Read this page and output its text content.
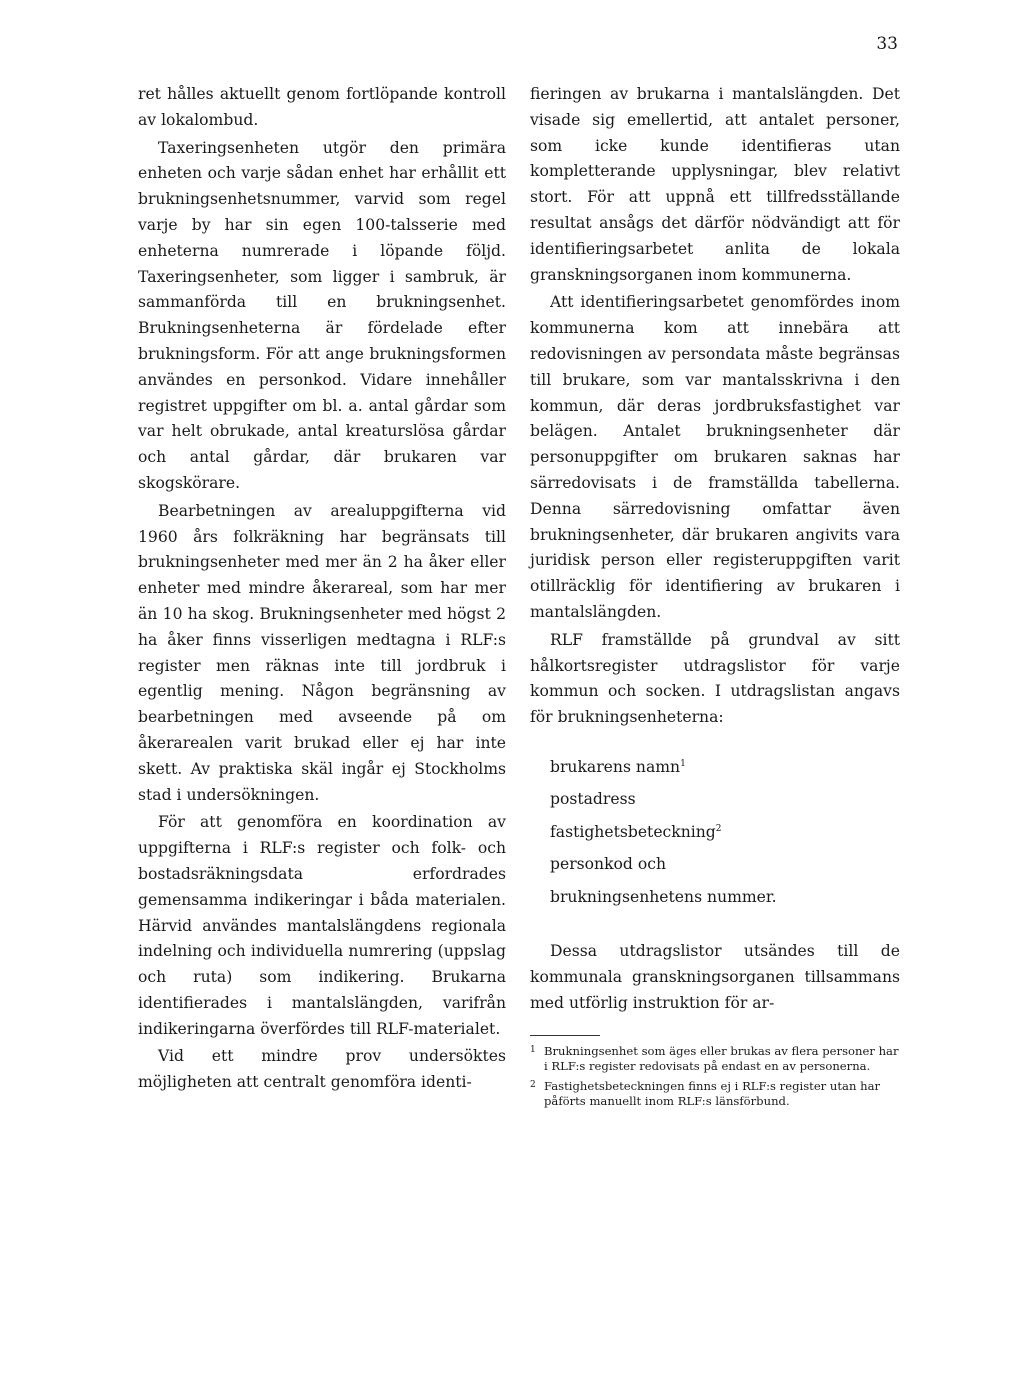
33

ret hålles aktuellt genom fortlöpande kontroll av lokalombud.

Taxeringsenheten utgör den primära enheten och varje sådan enhet har erhållit ett brukningsenhetsnummer, varvid som regel varje by har sin egen 100-talsserie med enheterna numrerade i löpande följd. Taxeringsenheter, som ligger i sambruk, är sammanförda till en brukningsenhet. Brukningsenheterna är fördelade efter brukningsform. För att ange brukningsformen användes en personkod. Vidare innehåller registret uppgifter om bl. a. antal gårdar som var helt obrukade, antal kreaturslösa gårdar och antal gårdar, där brukaren var skogskörare.

Bearbetningen av arealuppgifterna vid 1960 års folkräkning har begränsats till brukningsenheter med mer än 2 ha åker eller enheter med mindre åkerareal, som har mer än 10 ha skog. Brukningsenheter med högst 2 ha åker finns visserligen medtagna i RLF:s register men räknas inte till jordbruk i egentlig mening. Någon begränsning av bearbetningen med avseende på om åkerarealen varit brukad eller ej har inte skett. Av praktiska skäl ingår ej Stockholms stad i undersökningen.

För att genomföra en koordination av uppgifterna i RLF:s register och folk- och bostadsräkningsdata erfordrades gemensamma indikeringar i båda materialen. Härvid användes mantalslängdens regionala indelning och individuella numrering (uppslag och ruta) som indikering. Brukarna identifierades i mantalslängden, varifrån indikeringarna överfördes till RLF-materialet.

Vid ett mindre prov undersöktes möjligheten att centralt genomföra identi-

fieringen av brukarna i mantalslängden. Det visade sig emellertid, att antalet personer, som icke kunde identifieras utan kompletterande upplysningar, blev relativt stort. För att uppnå ett tillfredsställande resultat ansågs det därför nödvändigt att för identifieringsarbetet anlita de lokala granskningsorganen inom kommunerna.

Att identifieringsarbetet genomfördes inom kommunerna kom att innebära att redovisningen av persondata måste begränsas till brukare, som var mantalsskrivna i den kommun, där deras jordbruksfastighet var belägen. Antalet brukningsenheter där personuppgifter om brukaren saknas har särredovisats i de framställda tabellerna. Denna särredovisning omfattar även brukningsenheter, där brukaren angivits vara juridisk person eller registeruppgiften varit otillräcklig för identifiering av brukaren i mantalslängden.

RLF framställde på grundval av sitt hålkortsregister utdragslistor för varje kommun och socken. I utdragslistan angavs för brukningsenheterna:

brukarens namn$^1$
postadress
fastighetsbeteckning$^2$
personkod och
brukningsenhetens nummer.

Dessa utdragslistor utsändes till de kommunala granskningsorganen tillsammans med utförlig instruktion för ar-

1 Brukningsenhet som äges eller brukas av flera personer har i RLF:s register redovisats på endast en av personerna.
2 Fastighetsbeteckningen finns ej i RLF:s register utan har påförts manuellt inom RLF:s länsförbund.
